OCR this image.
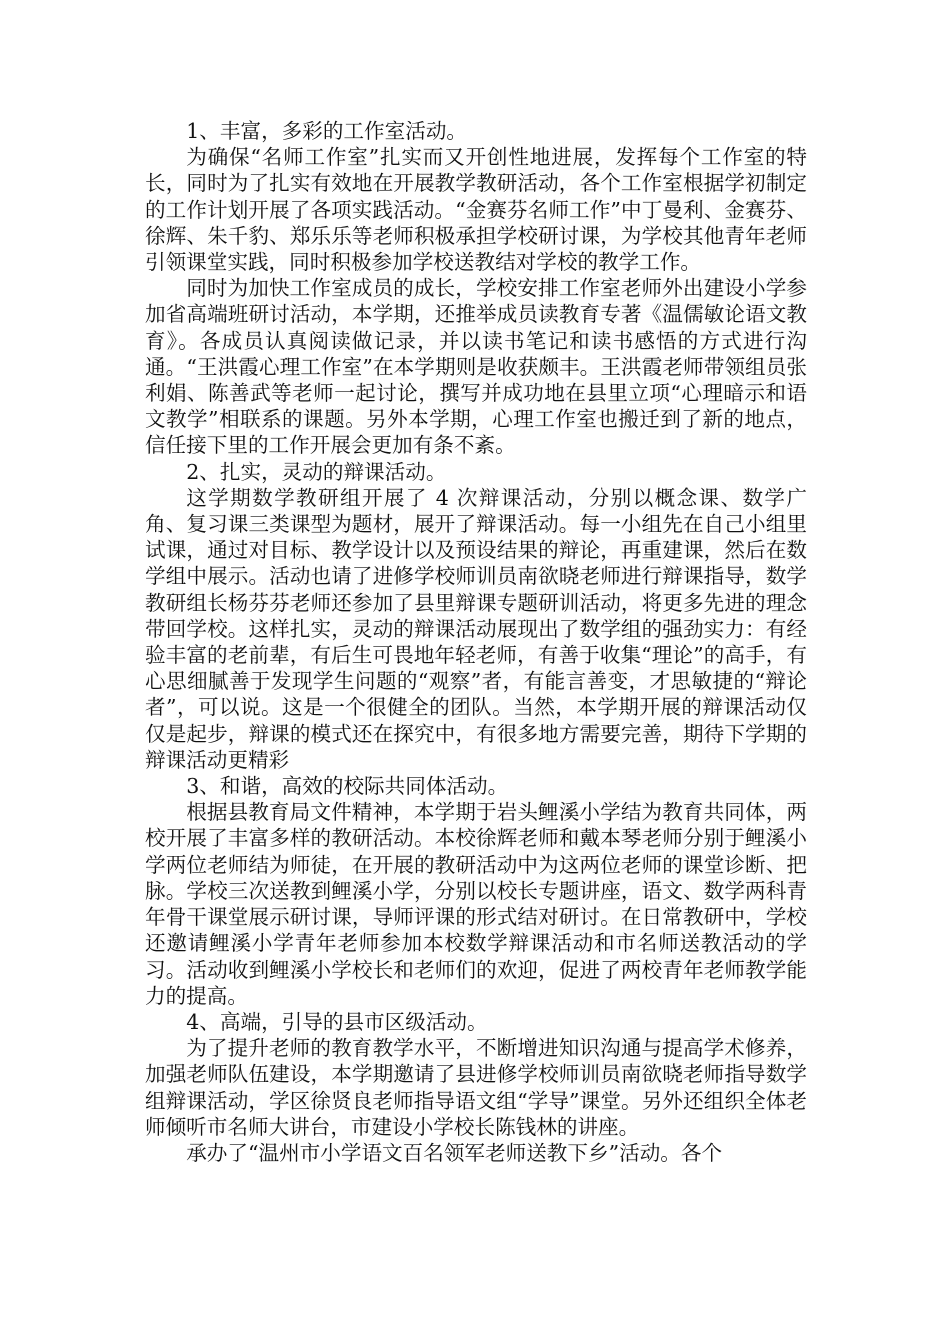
1、丰富，多彩的工作室活动。

为确保“名师工作室”扎实而又开创性地进展，发挥每个工作室的特长，同时为了扎实有效地在开展教学教研活动，各个工作室根据学初制定的工作计划开展了各项实践活动。“金赛芬名师工作”中丁曼利、金赛芬、徐辉、朱千豹、郑乐乐等老师积极承担学校研讨课，为学校其他青年老师引领课堂实践，同时积极参加学校送教结对学校的教学工作。

同时为加快工作室成员的成长，学校安排工作室老师外出建设小学参加省高端班研讨活动，本学期，还推举成员读教育专著《温儒敏论语文教育》。各成员认真阅读做记录，并以读书笔记和读书感悟的方式进行沟通。“王洪霞心理工作室”在本学期则是收获颇丰。王洪霞老师带领组员张利娟、陈善武等老师一起讨论，撰写并成功地在县里立项“心理暗示和语文教学”相联系的课题。另外本学期，心理工作室也搬迁到了新的地点，信任接下里的工作开展会更加有条不紊。

2、扎实，灵动的辩课活动。

这学期数学教研组开展了 4 次辩课活动，分别以概念课、数学广角、复习课三类课型为题材，展开了辩课活动。每一小组先在自己小组里试课，通过对目标、教学设计以及预设结果的辩论，再重建课，然后在数学组中展示。活动也请了进修学校师训员南欲晓老师进行辩课指导，数学教研组长杨芬芬老师还参加了县里辩课专题研训活动，将更多先进的理念带回学校。这样扎实，灵动的辩课活动展现出了数学组的强劲实力：有经验丰富的老前辈，有后生可畏地年轻老师，有善于收集“理论”的高手，有心思细腻善于发现学生问题的“观察”者，有能言善变，才思敏捷的“辩论者”，可以说。这是一个很健全的团队。当然，本学期开展的辩课活动仅仅是起步，辩课的模式还在探究中，有很多地方需要完善，期待下学期的辩课活动更精彩

3、和谐，高效的校际共同体活动。

根据县教育局文件精神，本学期于岩头鲤溪小学结为教育共同体，两校开展了丰富多样的教研活动。本校徐辉老师和戴本琴老师分别于鲤溪小学两位老师结为师徒，在开展的教研活动中为这两位老师的课堂诊断、把脉。学校三次送教到鲤溪小学，分别以校长专题讲座，语文、数学两科青年骨干课堂展示研讨课，导师评课的形式结对研讨。在日常教研中，学校还邀请鲤溪小学青年老师参加本校数学辩课活动和市名师送教活动的学习。活动收到鲤溪小学校长和老师们的欢迎，促进了两校青年老师教学能力的提高。

4、高端，引导的县市区级活动。

为了提升老师的教育教学水平，不断增进知识沟通与提高学术修养，加强老师队伍建设，本学期邀请了县进修学校师训员南欲晓老师指导数学组辩课活动，学区徐贤良老师指导语文组“学导”课堂。另外还组织全体老师倾听市名师大讲台，市建设小学校长陈钱林的讲座。

承办了“温州市小学语文百名领军老师送教下乡”活动。各个
